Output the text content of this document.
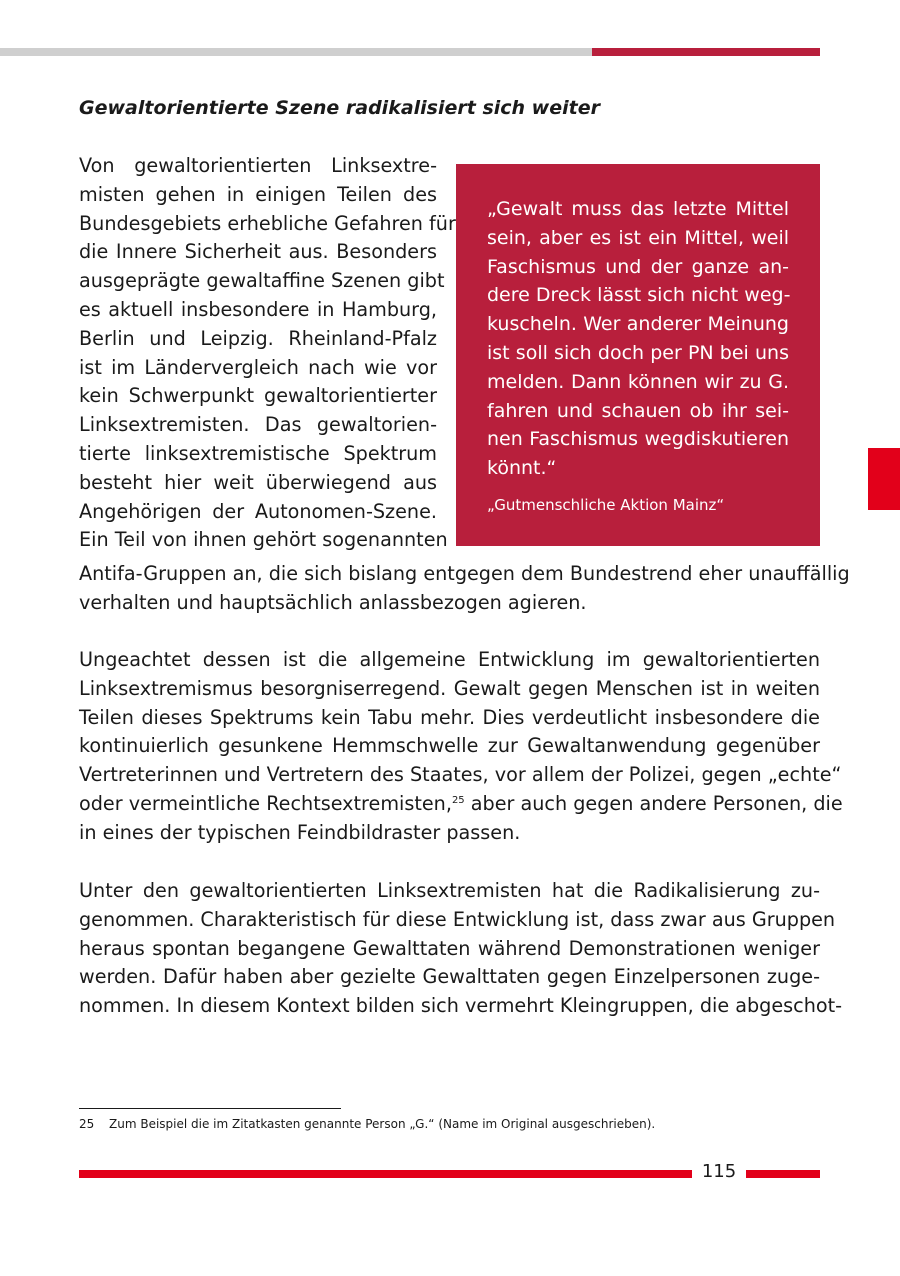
Gewaltorientierte Szene radikalisiert sich weiter
Von gewaltorientierten Linksextre-
misten gehen in einigen Teilen des
Bundesgebiets erhebliche Gefahren für
die Innere Sicherheit aus. Besonders
ausgeprägte gewaltaffine Szenen gibt
es aktuell insbesondere in Hamburg,
Berlin und Leipzig. Rheinland-Pfalz
ist im Ländervergleich nach wie vor
kein Schwerpunkt gewaltorientierter
Linksextremisten. Das gewaltorien-
tierte linksextremistische Spektrum
besteht hier weit überwiegend aus
Angehörigen der Autonomen-Szene.
Ein Teil von ihnen gehört sogenannten
„Gewalt muss das letzte Mittel
sein, aber es ist ein Mittel, weil
Faschismus und der ganze an-
dere Dreck lässt sich nicht weg-
kuscheln. Wer anderer Meinung
ist soll sich doch per PN bei uns
melden. Dann können wir zu G.
fahren und schauen ob ihr sei-
nen Faschismus wegdiskutieren
könnt.“
„Gutmenschliche Aktion Mainz“
Antifa-Gruppen an, die sich bislang entgegen dem Bundestrend eher unauffällig
verhalten und hauptsächlich anlassbezogen agieren.
Ungeachtet dessen ist die allgemeine Entwicklung im gewaltorientierten
Linksextremismus besorgniserregend. Gewalt gegen Menschen ist in weiten
Teilen dieses Spektrums kein Tabu mehr. Dies verdeutlicht insbesondere die
kontinuierlich gesunkene Hemmschwelle zur Gewaltanwendung gegenüber
Vertreterinnen und Vertretern des Staates, vor allem der Polizei, gegen „echte“
oder vermeintliche Rechtsextremisten,$^{25}$ aber auch gegen andere Personen, die
in eines der typischen Feindbildraster passen.
Unter den gewaltorientierten Linksextremisten hat die Radikalisierung zu-
genommen. Charakteristisch für diese Entwicklung ist, dass zwar aus Gruppen
heraus spontan begangene Gewalttaten während Demonstrationen weniger
werden. Dafür haben aber gezielte Gewalttaten gegen Einzelpersonen zuge-
nommen. In diesem Kontext bilden sich vermehrt Kleingruppen, die abgeschot-
25 Zum Beispiel die im Zitatkasten genannte Person „G.“ (Name im Original ausgeschrieben).
115
